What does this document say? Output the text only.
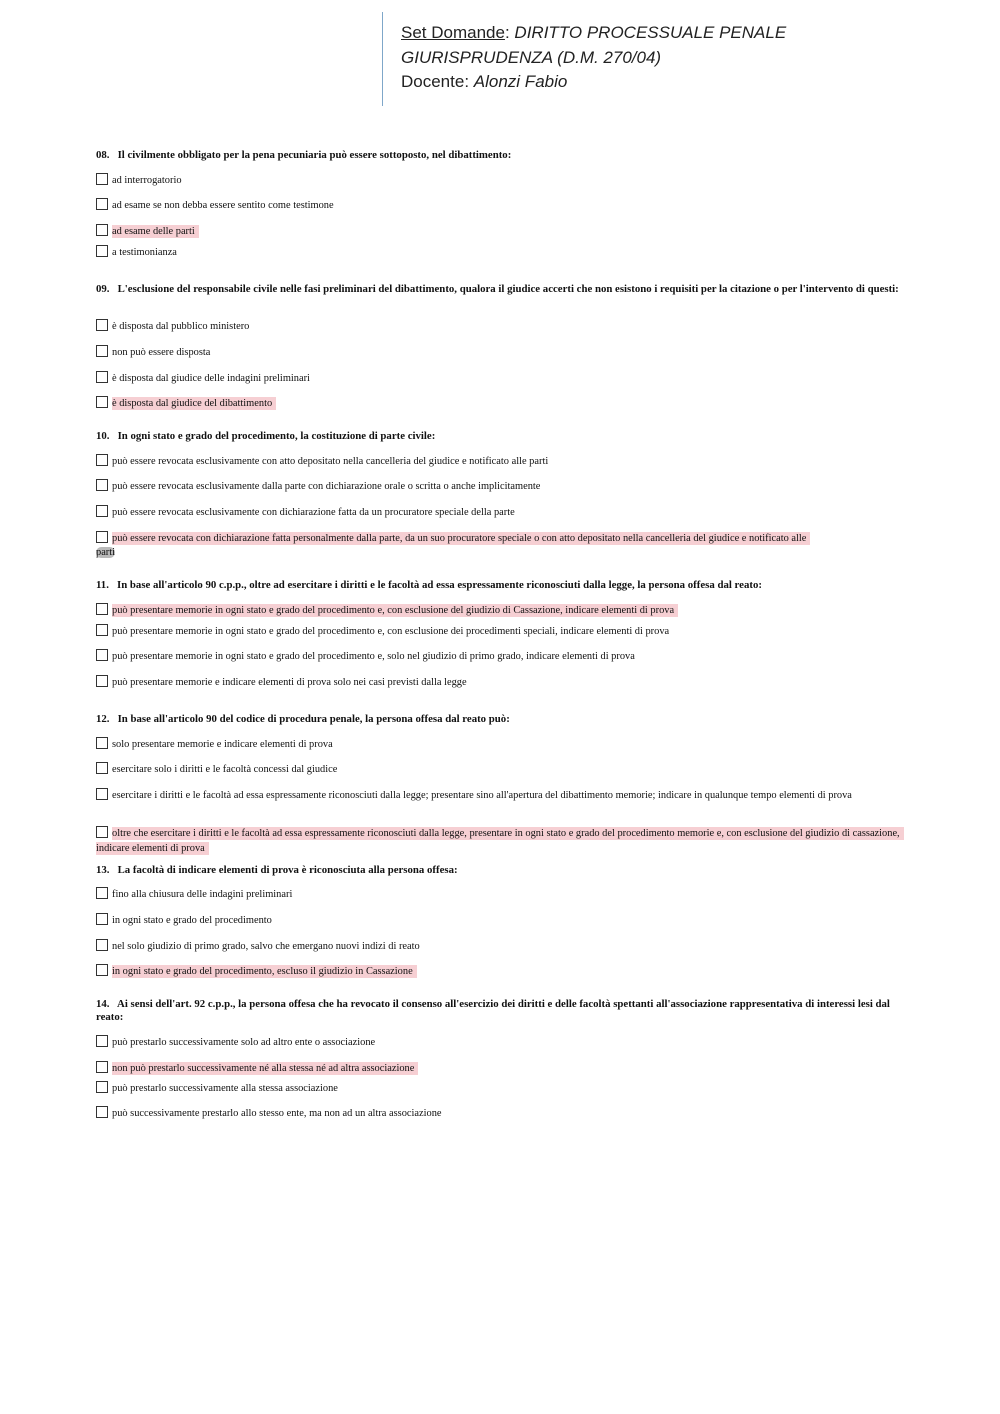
Set Domande: DIRITTO PROCESSUALE PENALE
GIURISPRUDENZA (D.M. 270/04)
Docente: Alonzi Fabio
08. Il civilmente obbligato per la pena pecuniaria può essere sottoposto, nel dibattimento:
ad interrogatorio
ad esame se non debba essere sentito come testimone
ad esame delle parti
a testimonianza
09. L'esclusione del responsabile civile nelle fasi preliminari del dibattimento, qualora il giudice accerti che non esistono i requisiti per la citazione o per l'intervento di questi:
è disposta dal pubblico ministero
non può essere disposta
è disposta dal giudice delle indagini preliminari
è disposta dal giudice del dibattimento
10. In ogni stato e grado del procedimento, la costituzione di parte civile:
può essere revocata esclusivamente con atto depositato nella cancelleria del giudice e notificato alle parti
può essere revocata esclusivamente dalla parte con dichiarazione orale o scritta o anche implicitamente
può essere revocata esclusivamente con dichiarazione fatta da un procuratore speciale della parte
può essere revocata con dichiarazione fatta personalmente dalla parte, da un suo procuratore speciale o con atto depositato nella cancelleria del giudice e notificato alle
parti
11. In base all'articolo 90 c.p.p., oltre ad esercitare i diritti e le facoltà ad essa espressamente riconosciuti dalla legge, la persona offesa dal reato:
può presentare memorie in ogni stato e grado del procedimento e, con esclusione del giudizio di Cassazione, indicare elementi di prova
può presentare memorie in ogni stato e grado del procedimento e, con esclusione dei procedimenti speciali, indicare elementi di prova
può presentare memorie in ogni stato e grado del procedimento e, solo nel giudizio di primo grado, indicare elementi di prova
può presentare memorie e indicare elementi di prova solo nei casi previsti dalla legge
12. In base all'articolo 90 del codice di procedura penale, la persona offesa dal reato può:
solo presentare memorie e indicare elementi di prova
esercitare solo i diritti e le facoltà concessi dal giudice
esercitare i diritti e le facoltà ad essa espressamente riconosciuti dalla legge; presentare sino all'apertura del dibattimento memorie; indicare in qualunque tempo elementi di prova
oltre che esercitare i diritti e le facoltà ad essa espressamente riconosciuti dalla legge, presentare in ogni stato e grado del procedimento memorie e, con esclusione del giudizio di cassazione, indicare elementi di prova
13. La facoltà di indicare elementi di prova è riconosciuta alla persona offesa:
fino alla chiusura delle indagini preliminari
in ogni stato e grado del procedimento
nel solo giudizio di primo grado, salvo che emergano nuovi indizi di reato
in ogni stato e grado del procedimento, escluso il giudizio in Cassazione
14. Ai sensi dell'art. 92 c.p.p., la persona offesa che ha revocato il consenso all'esercizio dei diritti e delle facoltà spettanti all'associazione rappresentativa di interessi lesi dal reato:
può prestarlo successivamente solo ad altro ente o associazione
non può prestarlo successivamente né alla stessa né ad altra associazione
può prestarlo successivamente alla stessa associazione
può successivamente prestarlo allo stesso ente, ma non ad un altra associazione
